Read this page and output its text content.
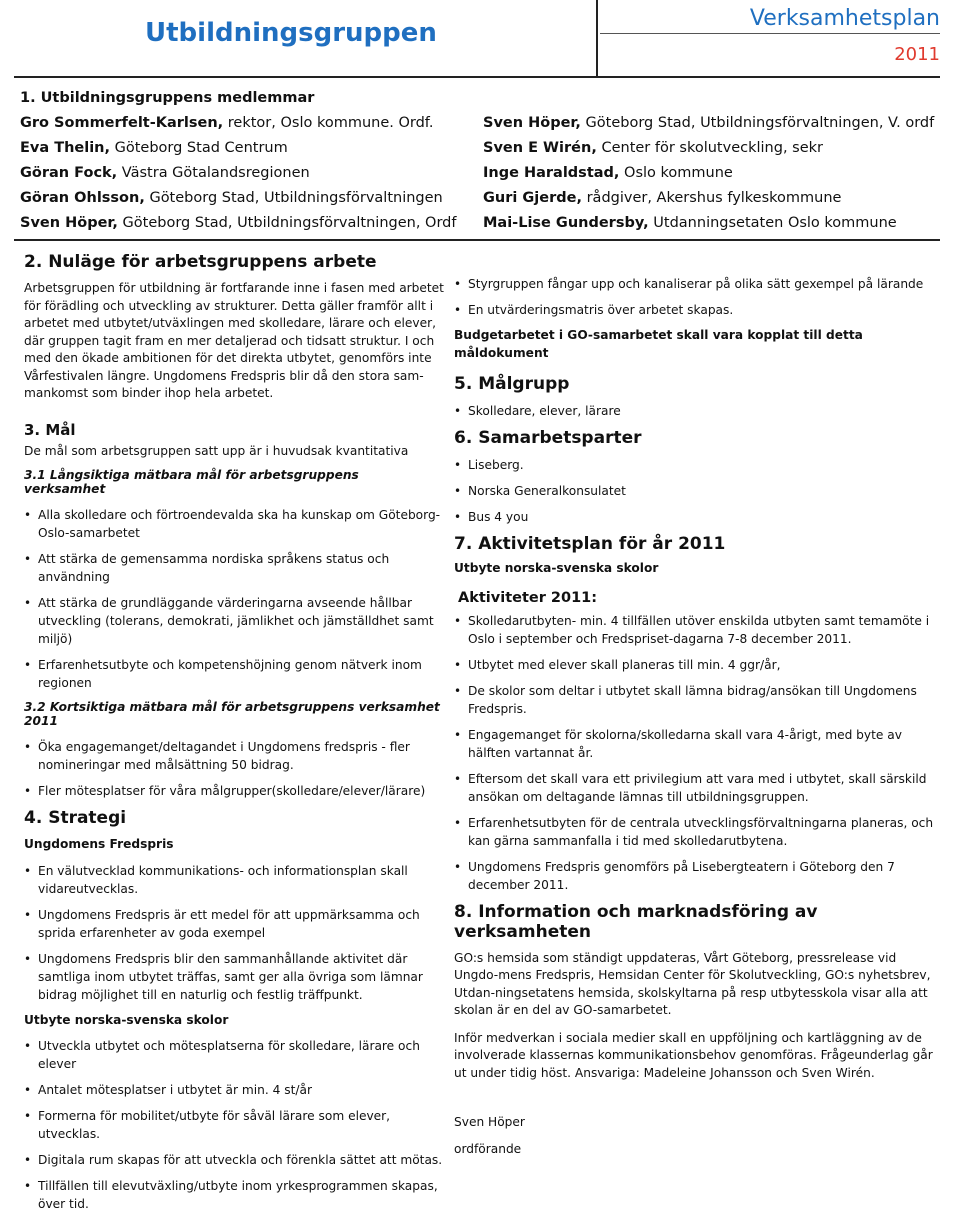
Utbildningsgruppen	Verksamhetsplan
2011
1. Utbildningsgruppens medlemmar
Gro Sommerfelt-Karlsen, rektor, Oslo kommune. Ordf.
Eva Thelin, Göteborg Stad Centrum
Göran Fock, Västra Götalandsregionen
Göran Ohlsson, Göteborg Stad, Utbildningsförvaltningen
Sven Höper, Göteborg Stad, Utbildningsförvaltningen, Ordf
Sven Höper, Göteborg Stad, Utbildningsförvaltningen, V. ordf
Sven E Wirén, Center för skolutveckling, sekr
Inge Haraldstad, Oslo kommune
Guri Gjerde, rådgiver, Akershus fylkeskommune
Mai-Lise Gundersby, Utdanningsetaten Oslo kommune
2. Nuläge för arbetsgruppens arbete

Arbetsgruppen för utbildning är fortfarande inne i fasen med arbetet för förädling och utveckling av strukturer. Detta gäller framför allt i arbetet med utbytet/utväxlingen med skolledare, lärare och elever, där gruppen tagit fram en mer detaljerad och tidsatt struktur. I och med den ökade ambitionen för det direkta utbytet, genomförs inte Vårfestivalen längre. Ungdomens Fredspris blir då den stora sam-mankomst som binder ihop hela arbetet.

3. Mål

De mål som arbetsgruppen satt upp är i huvudsak kvantitativa

3.1 Långsiktiga mätbara mål för arbetsgruppens verksamhet

• Alla skolledare och förtroendevalda ska ha kunskap om Göteborg-Oslo-samarbetet
• Att stärka de gemensamma nordiska språkens status och användning
• Att stärka de grundläggande värderingarna avseende hållbar utveckling (tolerans, demokrati, jämlikhet och jämställdhet samt miljö)
• Erfarenhetsutbyte och kompetenshöjning genom nätverk inom regionen

3.2 Kortsiktiga mätbara mål för arbetsgruppens verksamhet 2011

• Öka engagemanget/deltagandet i Ungdomens fredspris - fler nomineringar med målsättning 50 bidrag.
• Fler mötesplatser för våra målgrupper(skolledare/elever/lärare)
4. Strategi

Ungdomens Fredspris

• En välutvecklad kommunikations- och informationsplan skall vidareutvecklas.
• Ungdomens Fredspris är ett medel för att uppmärksamma och sprida erfarenheter av goda exempel
• Ungdomens Fredspris blir den sammanhållande aktivitet där samtliga inom utbytet träffas, samt ger alla övriga som lämnar bidrag möjlighet till en naturlig och festlig träffpunkt.

Utbyte norska-svenska skolor

• Utveckla utbytet och mötesplatserna för skolledare, lärare och elever
• Antalet mötesplatser i utbytet är min. 4 st/år
• Formerna för mobilitet/utbyte för såväl lärare som elever, utvecklas.
• Digitala rum skapas för att utveckla och förenkla sättet att mötas.
• Tillfällen till elevutväxling/utbyte inom yrkesprogrammen skapas, över tid.
• Styrgruppen fångar upp och kanaliserar på olika sätt gexempel på lärande
• En utvärderingsmatris över arbetet skapas.

Budgetarbetet i GO-samarbetet skall vara kopplat till detta måldokument

5. Målgrupp
• Skolledare, elever, lärare
6. Samarbetsparter
• Liseberg.
• Norska Generalkonsulatet
• Bus 4 you
7. Aktivitetsplan för år 2011

Utbyte norska-svenska skolor

Aktiviteter 2011:

• Skolledarutbyten- min. 4 tillfällen utöver enskilda utbyten samt temamöte i Oslo i september och Fredspriset-dagarna 7-8 december 2011.
• Utbytet med elever skall planeras till min. 4 ggr/år,
• De skolor som deltar i utbytet skall lämna bidrag/ansökan till Ungdomens Fredspris.
• Engagemanget för skolorna/skolledarna skall vara 4-årigt, med byte av hälften vartannat år.
• Eftersom det skall vara ett privilegium att vara med i utbytet, skall särskild ansökan om deltagande lämnas till utbildningsgruppen.
• Erfarenhetsutbyten för de centrala utvecklingsförvaltningarna planeras, och kan gärna sammanfalla i tid med skolledarutbytena.
• Ungdomens Fredspris genomförs på Lisebergteatern i Göteborg den 7 december 2011.
8. Information och marknadsföring av verksamheten

GO:s hemsida som ständigt uppdateras, Vårt Göteborg, pressrelease vid Ungdo-mens Fredspris, Hemsidan Center för Skolutveckling, GO:s nyhetsbrev, Utdan-ningsetatens hemsida, skolskyltarna på resp utbytesskola visar alla att skolan är en del av GO-samarbetet.

Inför medverkan i sociala medier skall en uppföljning och kartläggning av de involverade klassernas kommunikationsbehov genomföras. Frågeunderlag går ut under tidig höst. Ansvariga: Madeleine Johansson och Sven Wirén.

Sven Höper

ordförande
